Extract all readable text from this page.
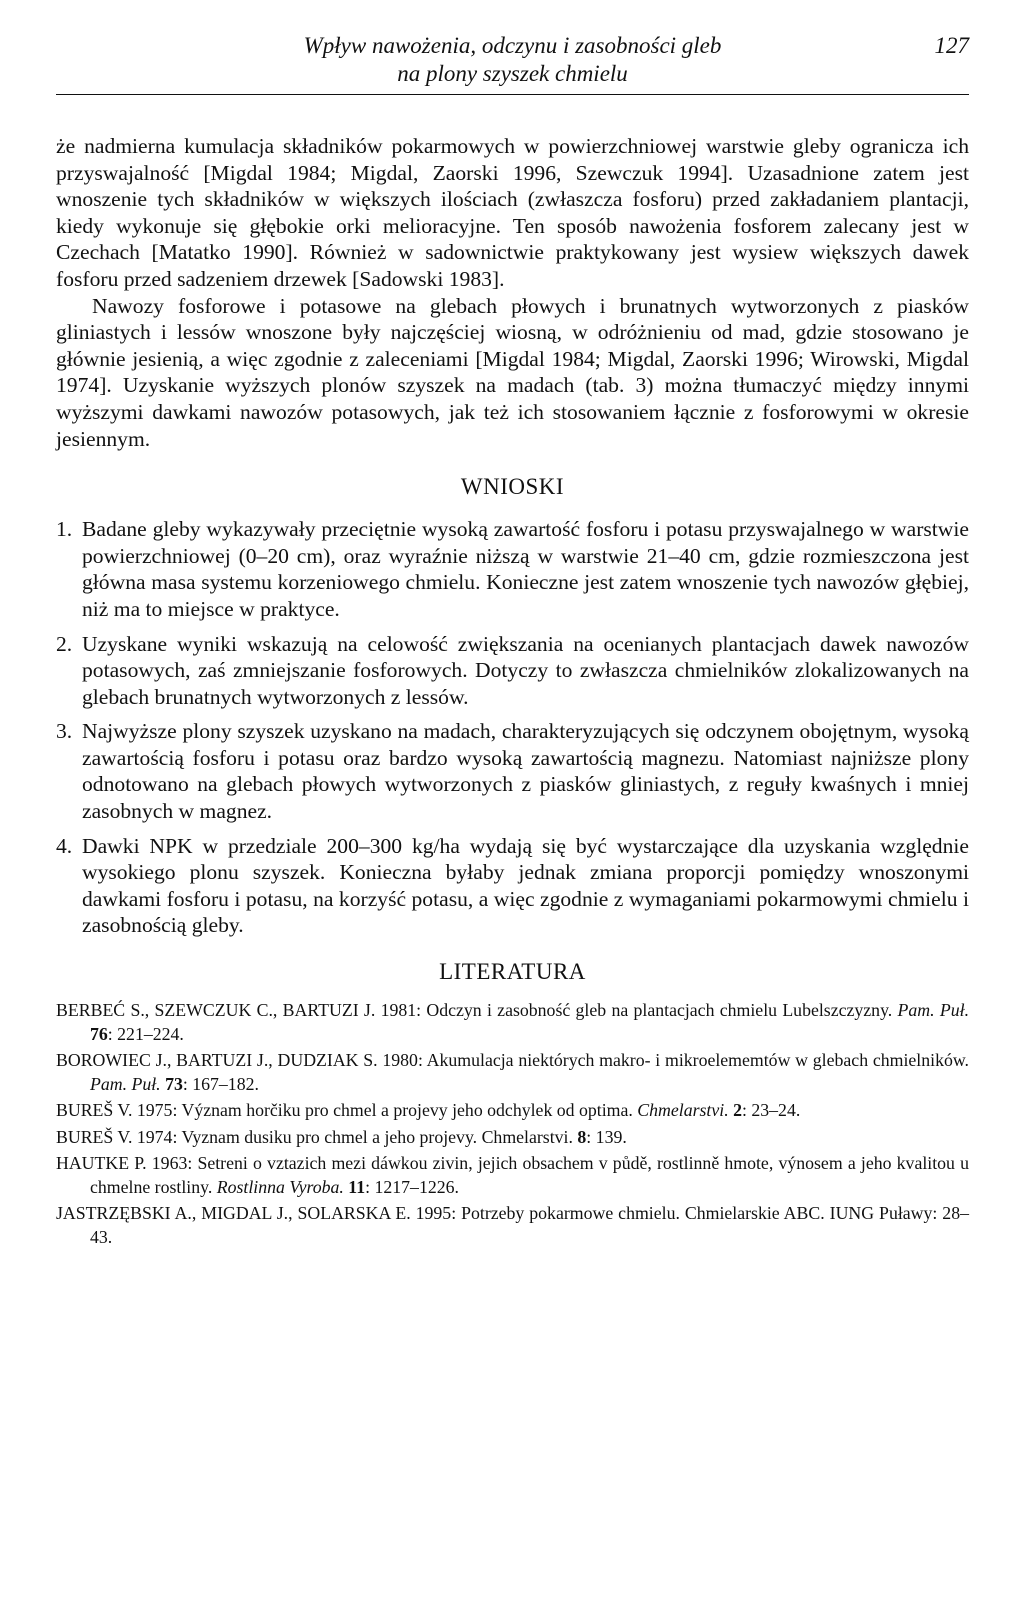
Wpływ nawożenia, odczynu i zasobności gleb
na plony szyszek chmielu
127

że nadmierna kumulacja składników pokarmowych w powierzchniowej warstwie gleby ogranicza ich przyswajalność [Migdal 1984; Migdal, Zaorski 1996, Szewczuk 1994]. Uzasadnione zatem jest wnoszenie tych składników w większych ilościach (zwłaszcza fosforu) przed zakładaniem plantacji, kiedy wykonuje się głębokie orki melioracyjne. Ten sposób nawożenia fosforem zalecany jest w Czechach [Matatko 1990]. Również w sadownictwie praktykowany jest wysiew większych dawek fosforu przed sadzeniem drzewek [Sadowski 1983].

Nawozy fosforowe i potasowe na glebach płowych i brunatnych wytworzonych z piasków gliniastych i lessów wnoszone były najczęściej wiosną, w odróżnieniu od mad, gdzie stosowano je głównie jesienią, a więc zgodnie z zaleceniami [Migdal 1984; Migdal, Zaorski 1996; Wirowski, Migdal 1974]. Uzyskanie wyższych plonów szyszek na madach (tab. 3) można tłumaczyć między innymi wyższymi dawkami nawozów potasowych, jak też ich stosowaniem łącznie z fosforowymi w okresie jesiennym.

WNIOSKI

1. Badane gleby wykazywały przeciętnie wysoką zawartość fosforu i potasu przyswajalnego w warstwie powierzchniowej (0–20 cm), oraz wyraźnie niższą w warstwie 21–40 cm, gdzie rozmieszczona jest główna masa systemu korzeniowego chmielu. Konieczne jest zatem wnoszenie tych nawozów głębiej, niż ma to miejsce w praktyce.

2. Uzyskane wyniki wskazują na celowość zwiększania na ocenianych plantacjach dawek nawozów potasowych, zaś zmniejszanie fosforowych. Dotyczy to zwłaszcza chmielników zlokalizowanych na glebach brunatnych wytworzonych z lessów.

3. Najwyższe plony szyszek uzyskano na madach, charakteryzujących się odczynem obojętnym, wysoką zawartością fosforu i potasu oraz bardzo wysoką zawartością magnezu. Natomiast najniższe plony odnotowano na glebach płowych wytworzonych z piasków gliniastych, z reguły kwaśnych i mniej zasobnych w magnez.

4. Dawki NPK w przedziale 200–300 kg/ha wydają się być wystarczające dla uzyskania względnie wysokiego plonu szyszek. Konieczna byłaby jednak zmiana proporcji pomiędzy wnoszonymi dawkami fosforu i potasu, na korzyść potasu, a więc zgodnie z wymaganiami pokarmowymi chmielu i zasobnością gleby.

LITERATURA

BERBEĆ S., SZEWCZUK C., BARTUZI J. 1981: Odczyn i zasobność gleb na plantacjach chmielu Lubelszczyzny. Pam. Puł. 76: 221–224.

BOROWIEC J., BARTUZI J., DUDZIAK S. 1980: Akumulacja niektórych makro- i mikroelememtów w glebach chmielników. Pam. Puł. 73: 167–182.

BUREŠ V. 1975: Význam horčiku pro chmel a projevy jeho odchylek od optima. Chmelarstvi. 2: 23–24.

BUREŠ V. 1974: Vyznam dusiku pro chmel a jeho projevy. Chmelarstvi. 8: 139.

HAUTKE P. 1963: Setreni o vztazich mezi dáwkou zivin, jejich obsachem v půdě, rostlinně hmote, výnosem a jeho kvalitou u chmelne rostliny. Rostlinna Vyroba. 11: 1217–1226.

JASTRZĘBSKI A., MIGDAL J., SOLARSKA E. 1995: Potrzeby pokarmowe chmielu. Chmielarskie ABC. IUNG Puławy: 28–43.
